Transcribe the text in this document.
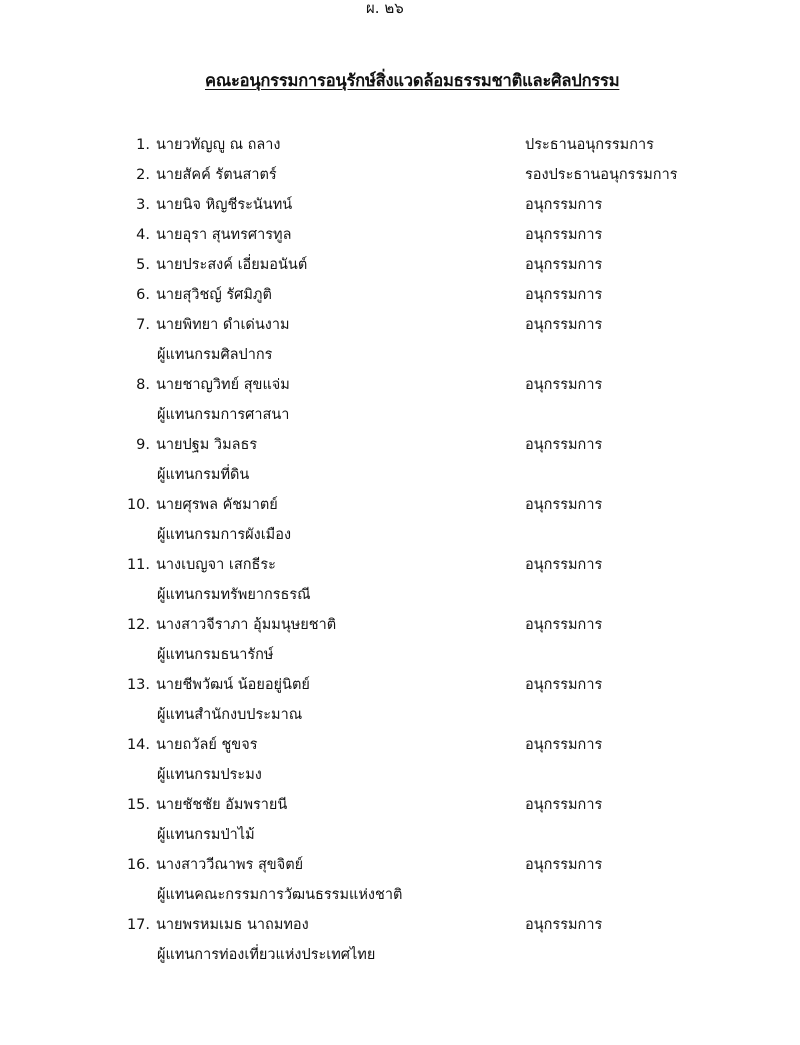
ผ. ๒๖
คณะอนุกรรมการอนุรักษ์สิ่งแวดล้อมธรรมชาติและศิลปกรรม
1. นายวทัญญู ณ ถลาง	ประธานอนุกรรมการ
2. นายสัคค์ รัตนสาตร์	รองประธานอนุกรรมการ
3. นายนิจ หิญชีระนันทน์	อนุกรรมการ
4. นายอุรา สุนทรศารทูล	อนุกรรมการ
5. นายประสงค์ เอี่ยมอนันต์	อนุกรรมการ
6. นายสุวิชญ์ รัศมิภูติ	อนุกรรมการ
7. นายพิทยา ดำเด่นงาม	อนุกรรมการ
ผู้แทนกรมศิลปากร
8. นายชาญวิทย์ สุขแจ่ม	อนุกรรมการ
ผู้แทนกรมการศาสนา
9. นายปฐม วิมลธร	อนุกรรมการ
ผู้แทนกรมที่ดิน
10. นายศุรพล คัชมาตย์	อนุกรรมการ
ผู้แทนกรมการผังเมือง
11. นางเบญจา เสกธีระ	อนุกรรมการ
ผู้แทนกรมทรัพยากรธรณี
12. นางสาวจีราภา อุ้มมนุษยชาติ	อนุกรรมการ
ผู้แทนกรมธนารักษ์
13. นายชีพวัฒน์ น้อยอยู่นิตย์	อนุกรรมการ
ผู้แทนสำนักงบประมาณ
14. นายถวัลย์ ชูขจร	อนุกรรมการ
ผู้แทนกรมประมง
15. นายชัชชัย อัมพรายนี	อนุกรรมการ
ผู้แทนกรมป่าไม้
16. นางสาววีณาพร สุขจิตย์	อนุกรรมการ
ผู้แทนคณะกรรมการวัฒนธรรมแห่งชาติ
17. นายพรหมเมธ นาถมทอง	อนุกรรมการ
ผู้แทนการท่องเที่ยวแห่งประเทศไทย
